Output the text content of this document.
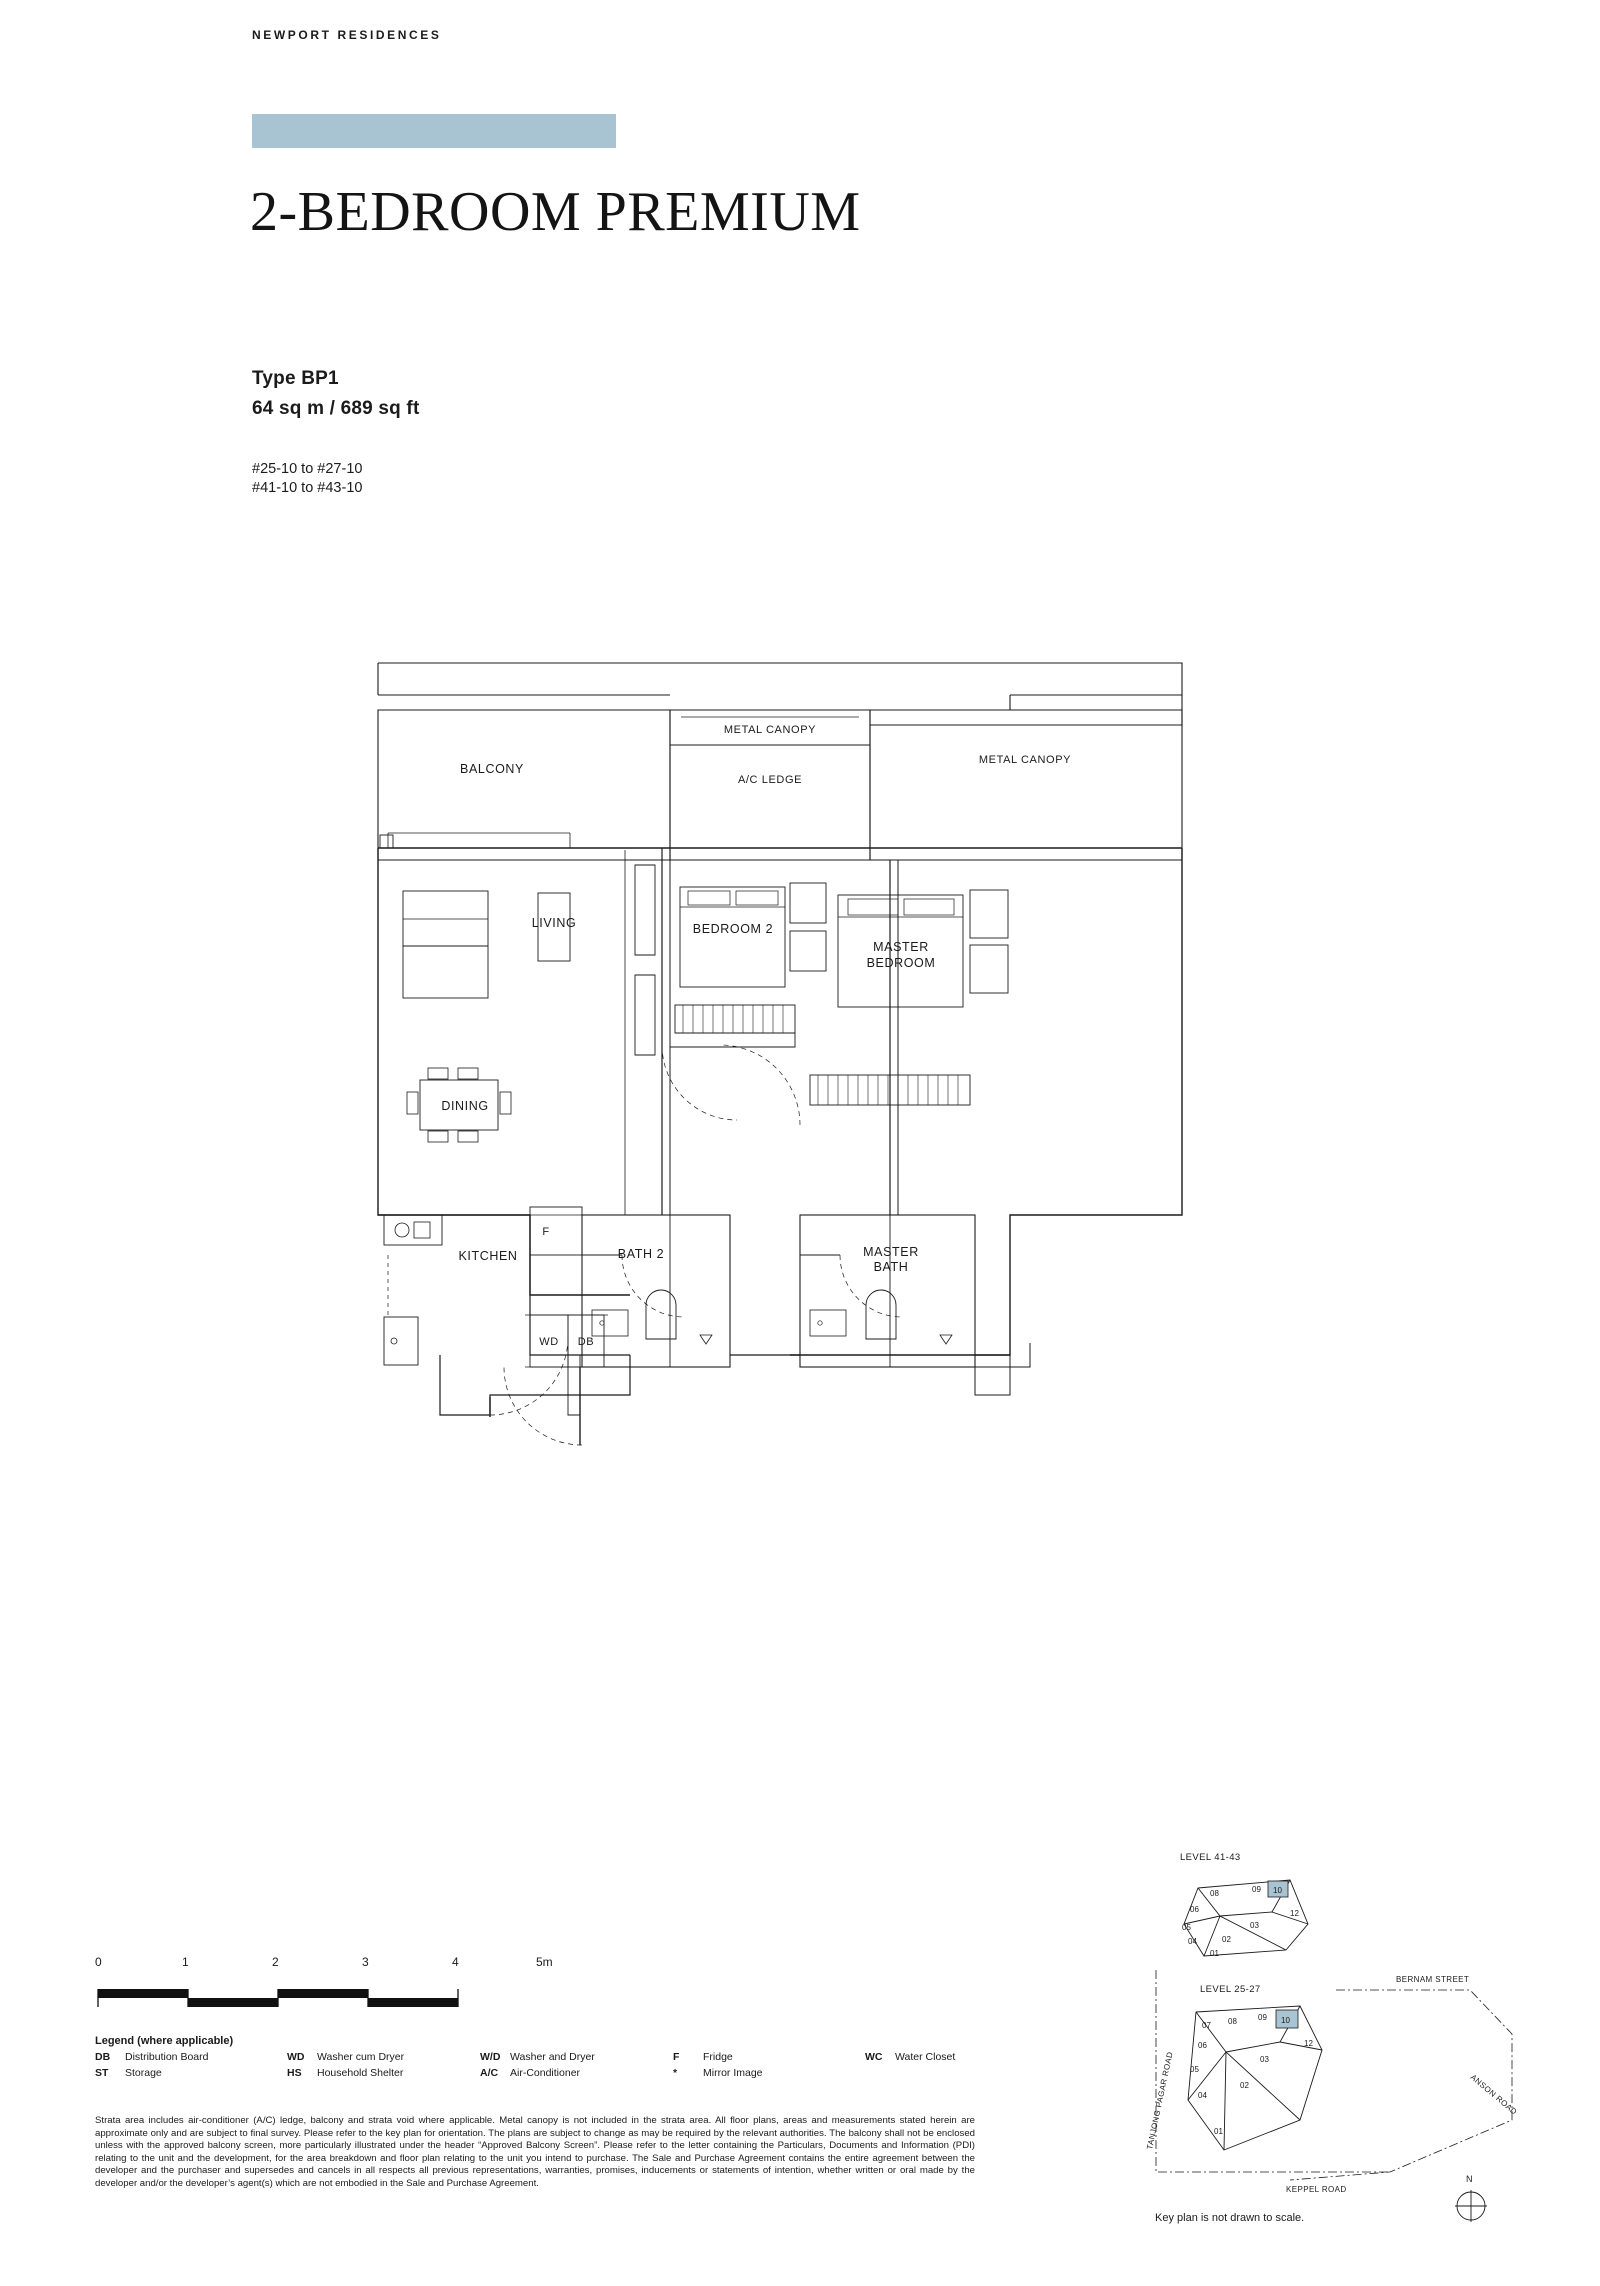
NEWPORT RESIDENCES
2-BEDROOM PREMIUM
Type BP1
64 sq m / 689 sq ft
#25-10 to #27-10
#41-10 to #43-10
BALCONY
METAL CANOPY
A/C LEDGE
METAL CANOPY
LIVING	BEDROOM 2
MASTER
BEDROOM
DINING
KITCHEN	BATH 2	MASTER
BATH
F
WD DB
0	1	2	3	4	5m
Legend (where applicable)
DB Distribution Board
ST Storage
WD Washer cum Dryer
HS Household Shelter
W/D Washer and Dryer
A/C Air-Conditioner
F Fridge
* Mirror Image
WC Water Closet
Strata area includes air-conditioner (A/C) ledge, balcony and strata void where applicable. Metal canopy is not included in the strata area. All floor plans, areas and measurements stated herein are approximate only and are subject to final survey. Please refer to the key plan for orientation. The plans are subject to change as may be required by the relevant authorities. The balcony shall not be enclosed unless with the approved balcony screen, more particularly illustrated under the header “Approved Balcony Screen”. Please refer to the letter containing the Particulars, Documents and Information (PDI) relating to the unit and the development, for the area breakdown and floor plan relating to the unit you intend to purchase. The Sale and Purchase Agreement contains the entire agreement between the developer and the purchaser and supersedes and cancels in all respects all previous representations, warranties, promises, inducements or statements of intention, whether written or oral made by the developer and/or the developer’s agent(s) which are not embodied in the Sale and Purchase Agreement.
08	09
06	12
05	03
04	02
01
10
LEVEL 41-43
07 08	09
06	12
05
03
04
02
01
10
LEVEL 25-27
BERNAM STREET
ANSON ROAD
KEPPEL ROAD
TANJONG PAGAR ROAD
N
Key plan is not drawn to scale.
